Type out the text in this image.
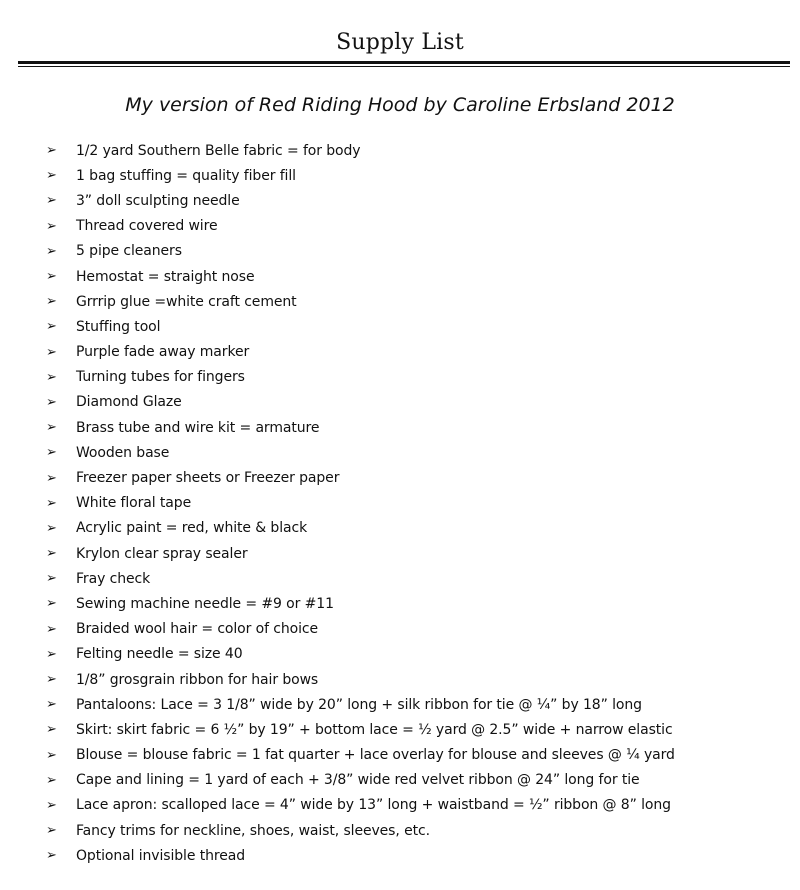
Supply List
My version of Red Riding Hood by Caroline Erbsland 2012
➢	1/2 yard Southern Belle fabric = for body
➢	1 bag stuffing = quality fiber fill
➢	3” doll sculpting needle
➢	Thread covered wire
➢	5 pipe cleaners
➢	Hemostat = straight nose
➢	Grrrip glue =white craft cement
➢	Stuffing tool
➢	Purple fade away marker
➢	Turning tubes for fingers
➢	Diamond Glaze
➢	Brass tube and wire kit = armature
➢	Wooden base
➢	Freezer paper sheets or Freezer paper
➢	White floral tape
➢	Acrylic paint = red, white & black
➢	Krylon clear spray sealer
➢	Fray check
➢	Sewing machine needle = #9 or #11
➢	Braided wool hair = color of choice
➢	Felting needle = size 40
➢	1/8” grosgrain ribbon for hair bows
➢	Pantaloons: Lace = 3 1/8” wide by 20” long + silk ribbon for tie @ ¼” by 18” long
➢	Skirt: skirt fabric = 6 ½” by 19” + bottom lace = ½ yard @ 2.5” wide + narrow elastic
➢	Blouse = blouse fabric = 1 fat quarter + lace overlay for blouse and sleeves @ ¼ yard
➢	Cape and lining = 1 yard of each + 3/8” wide red velvet ribbon @ 24” long for tie
➢	Lace apron: scalloped lace = 4” wide by 13” long + waistband = ½” ribbon @ 8” long
➢	Fancy trims for neckline, shoes, waist, sleeves, etc.
➢	Optional invisible thread
